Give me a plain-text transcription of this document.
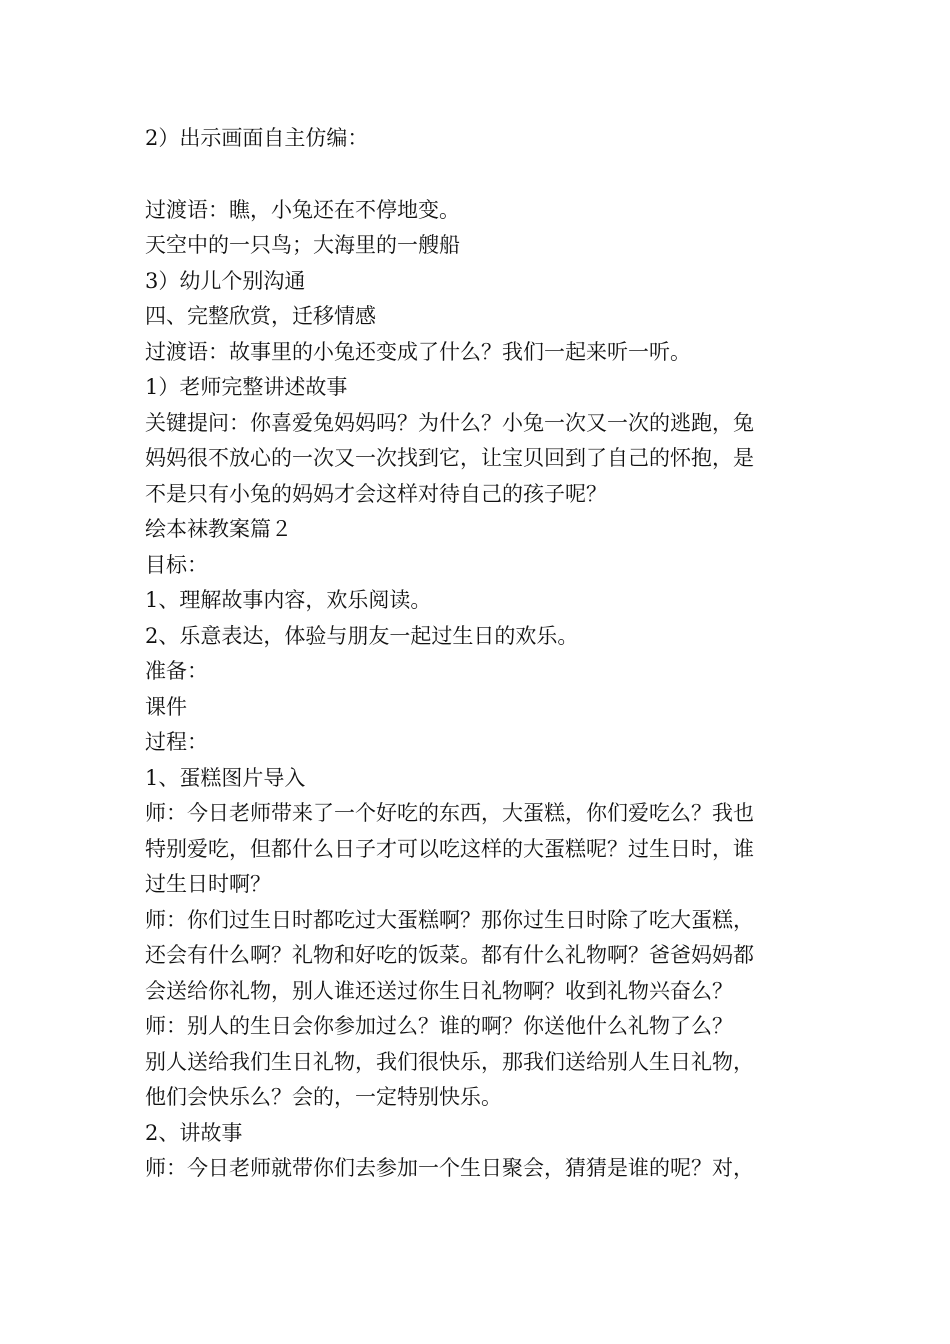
2）出示画面自主仿编：
过渡语：瞧，小兔还在不停地变。
天空中的一只鸟；大海里的一艘船
3）幼儿个别沟通
四、完整欣赏，迁移情感
过渡语：故事里的小兔还变成了什么？我们一起来听一听。
1）老师完整讲述故事
关键提问：你喜爱兔妈妈吗？为什么？小兔一次又一次的逃跑，兔
妈妈很不放心的一次又一次找到它，让宝贝回到了自己的怀抱，是
不是只有小兔的妈妈才会这样对待自己的孩子呢？
绘本袜教案篇２
目标：
1、理解故事内容，欢乐阅读。
2、乐意表达，体验与朋友一起过生日的欢乐。
准备：
课件
过程：
1、蛋糕图片导入
师：今日老师带来了一个好吃的东西，大蛋糕，你们爱吃么？我也
特别爱吃，但都什么日子才可以吃这样的大蛋糕呢？过生日时，谁
过生日时啊？
师：你们过生日时都吃过大蛋糕啊？那你过生日时除了吃大蛋糕，
还会有什么啊？礼物和好吃的饭菜。都有什么礼物啊？爸爸妈妈都
会送给你礼物，别人谁还送过你生日礼物啊？收到礼物兴奋么？
师：别人的生日会你参加过么？谁的啊？你送他什么礼物了么？
别人送给我们生日礼物，我们很快乐，那我们送给别人生日礼物，
他们会快乐么？会的，一定特别快乐。
2、讲故事
师：今日老师就带你们去参加一个生日聚会，猜猜是谁的呢？对，
